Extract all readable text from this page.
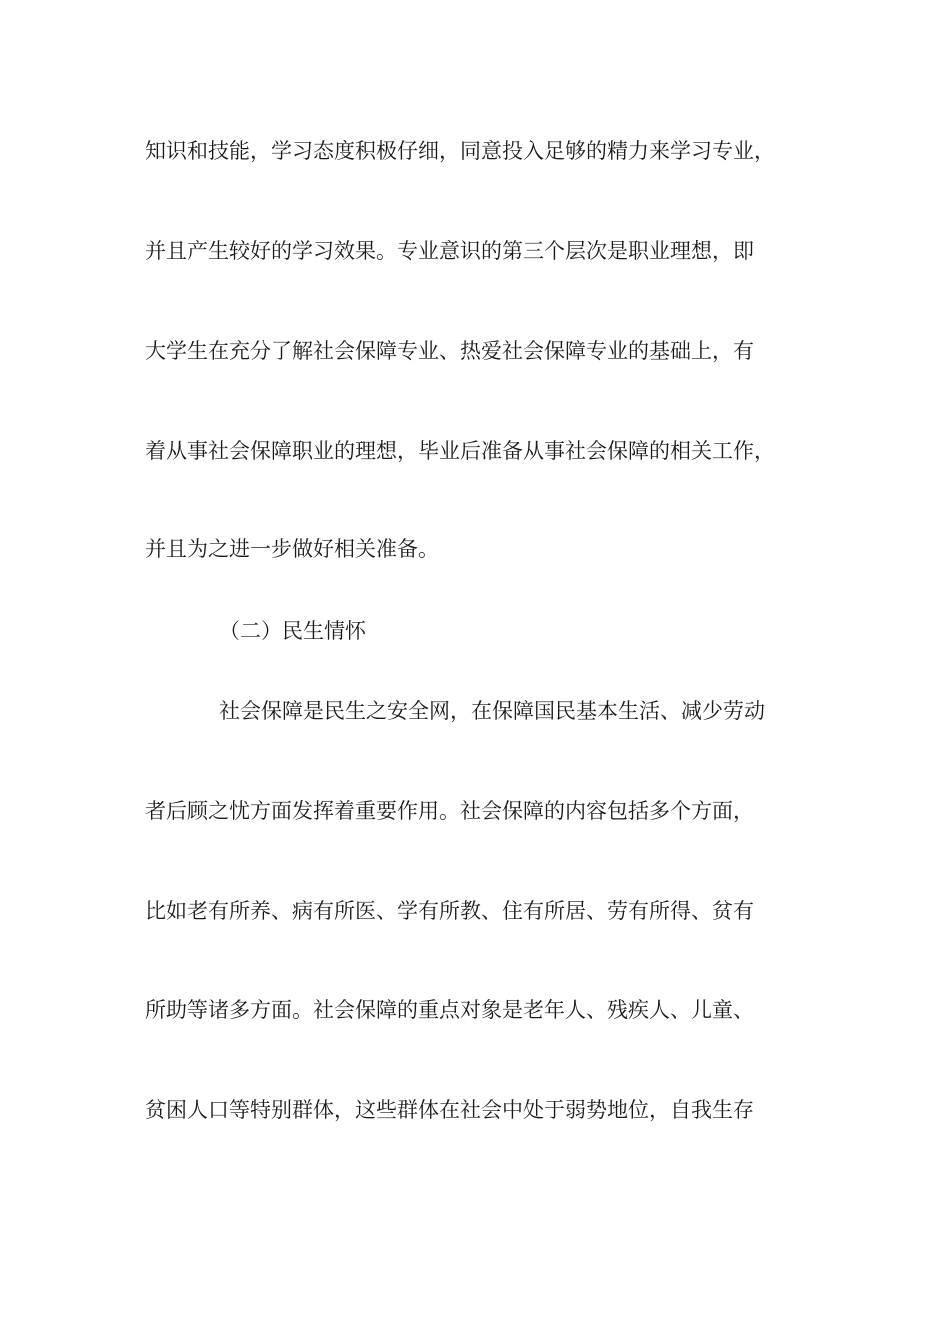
知识和技能，学习态度积极仔细，同意投入足够的精力来学习专业，
并且产生较好的学习效果。专业意识的第三个层次是职业理想，即
大学生在充分了解社会保障专业、热爱社会保障专业的基础上，有
着从事社会保障职业的理想，毕业后准备从事社会保障的相关工作，
并且为之进一步做好相关准备。
（二）民生情怀
社会保障是民生之安全网，在保障国民基本生活、减少劳动
者后顾之忧方面发挥着重要作用。社会保障的内容包括多个方面，
比如老有所养、病有所医、学有所教、住有所居、劳有所得、贫有
所助等诸多方面。社会保障的重点对象是老年人、残疾人、儿童、
贫困人口等特别群体，这些群体在社会中处于弱势地位，自我生存
